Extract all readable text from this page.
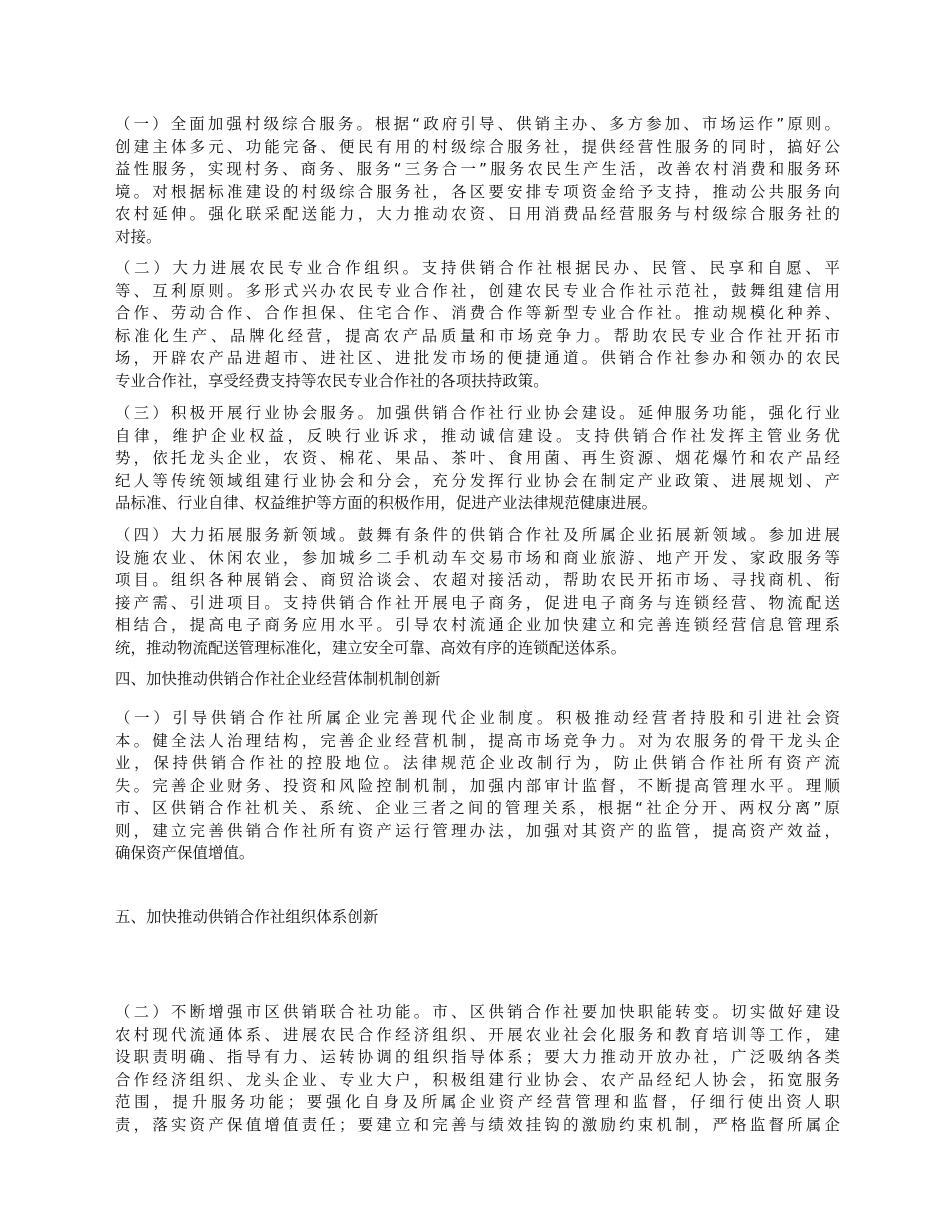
（一）全面加强村级综合服务。根据“政府引导、供销主办、多方参加、市场运作”原则。
创建主体多元、功能完备、便民有用的村级综合服务社，提供经营性服务的同时，搞好公
益性服务，实现村务、商务、服务“三务合一”服务农民生产生活，改善农村消费和服务环
境。对根据标准建设的村级综合服务社，各区要安排专项资金给予支持，推动公共服务向
农村延伸。强化联采配送能力，大力推动农资、日用消费品经营服务与村级综合服务社的
对接。
（二）大力进展农民专业合作组织。支持供销合作社根据民办、民管、民享和自愿、平
等、互利原则。多形式兴办农民专业合作社，创建农民专业合作社示范社，鼓舞组建信用
合作、劳动合作、合作担保、住宅合作、消费合作等新型专业合作社。推动规模化种养、
标准化生产、品牌化经营，提高农产品质量和市场竞争力。帮助农民专业合作社开拓市
场，开辟农产品进超市、进社区、进批发市场的便捷通道。供销合作社参办和领办的农民
专业合作社，享受经费支持等农民专业合作社的各项扶持政策。
（三）积极开展行业协会服务。加强供销合作社行业协会建设。延伸服务功能，强化行业
自律，维护企业权益，反映行业诉求，推动诚信建设。支持供销合作社发挥主管业务优
势，依托龙头企业，农资、棉花、果品、茶叶、食用菌、再生资源、烟花爆竹和农产品经
纪人等传统领域组建行业协会和分会，充分发挥行业协会在制定产业政策、进展规划、产
品标准、行业自律、权益维护等方面的积极作用，促进产业法律规范健康进展。
（四）大力拓展服务新领域。鼓舞有条件的供销合作社及所属企业拓展新领域。参加进展
设施农业、休闲农业，参加城乡二手机动车交易市场和商业旅游、地产开发、家政服务等
项目。组织各种展销会、商贸洽谈会、农超对接活动，帮助农民开拓市场、寻找商机、衔
接产需、引进项目。支持供销合作社开展电子商务，促进电子商务与连锁经营、物流配送
相结合，提高电子商务应用水平。引导农村流通企业加快建立和完善连锁经营信息管理系
统，推动物流配送管理标准化，建立安全可靠、高效有序的连锁配送体系。
四、加快推动供销合作社企业经营体制机制创新
（一）引导供销合作社所属企业完善现代企业制度。积极推动经营者持股和引进社会资
本。健全法人治理结构，完善企业经营机制，提高市场竞争力。对为农服务的骨干龙头企
业，保持供销合作社的控股地位。法律规范企业改制行为，防止供销合作社所有资产流
失。完善企业财务、投资和风险控制机制，加强内部审计监督，不断提高管理水平。理顺
市、区供销合作社机关、系统、企业三者之间的管理关系，根据“社企分开、两权分离”原
则，建立完善供销合作社所有资产运行管理办法，加强对其资产的监管，提高资产效益，
确保资产保值增值。
五、加快推动供销合作社组织体系创新
（二）不断增强市区供销联合社功能。市、区供销合作社要加快职能转变。切实做好建设
农村现代流通体系、进展农民合作经济组织、开展农业社会化服务和教育培训等工作，建
设职责明确、指导有力、运转协调的组织指导体系；要大力推动开放办社，广泛吸纳各类
合作经济组织、龙头企业、专业大户，积极组建行业协会、农产品经纪人协会，拓宽服务
范围，提升服务功能；要强化自身及所属企业资产经营管理和监督，仔细行使出资人职
责，落实资产保值增值责任；要建立和完善与绩效挂钩的激励约束机制，严格监督所属企
